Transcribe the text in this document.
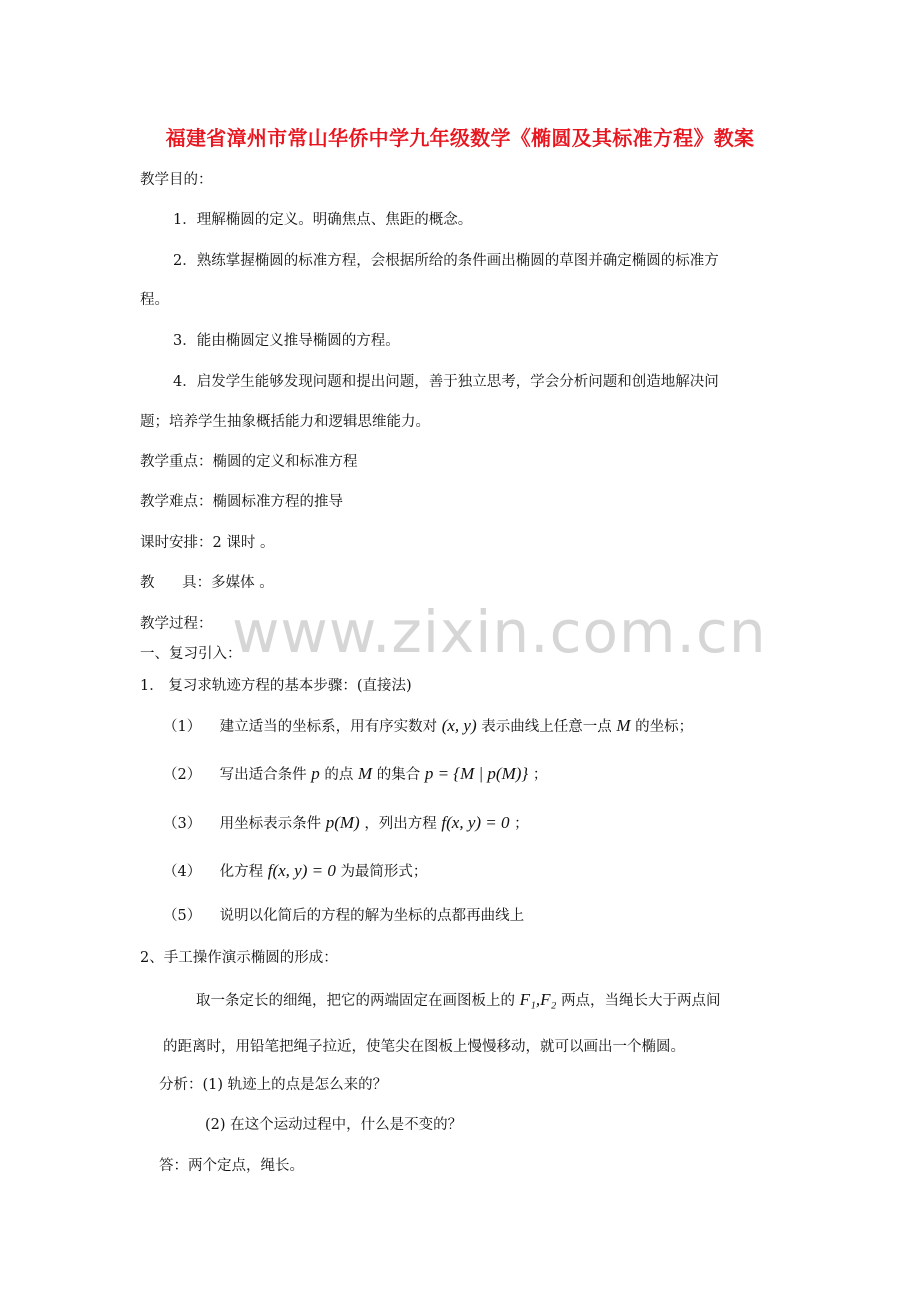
福建省漳州市常山华侨中学九年级数学《椭圆及其标准方程》教案
教学目的：
1．理解椭圆的定义。明确焦点、焦距的概念。
2．熟练掌握椭圆的标准方程，会根据所给的条件画出椭圆的草图并确定椭圆的标准方
程。
3．能由椭圆定义推导椭圆的方程。
4．启发学生能够发现问题和提出问题，善于独立思考，学会分析问题和创造地解决问
题；培养学生抽象概括能力和逻辑思维能力。
教学重点：椭圆的定义和标准方程
教学难点：椭圆标准方程的推导
课时安排：2 课时 。
教      具：多媒体 。
www.zixin.com.cn
教学过程：
一、复习引入：
1． 复习求轨迹方程的基本步骤：(直接法)
（1） 建立适当的坐标系，用有序实数对 (x, y) 表示曲线上任意一点 M 的坐标；
（2） 写出适合条件 p 的点 M 的集合 p = {M | p(M)} ；
（3） 用坐标表示条件 p(M) ，列出方程 f(x, y) = 0 ；
（4） 化方程 f(x, y) = 0 为最简形式；
（5） 说明以化简后的方程的解为坐标的点都再曲线上
2、手工操作演示椭圆的形成：
取一条定长的细绳，把它的两端固定在画图板上的 F₁,F₂ 两点，当绳长大于两点间
的距离时，用铅笔把绳子拉近，使笔尖在图板上慢慢移动，就可以画出一个椭圆。
分析：(1) 轨迹上的点是怎么来的？
(2) 在这个运动过程中，什么是不变的？
答：两个定点，绳长。
